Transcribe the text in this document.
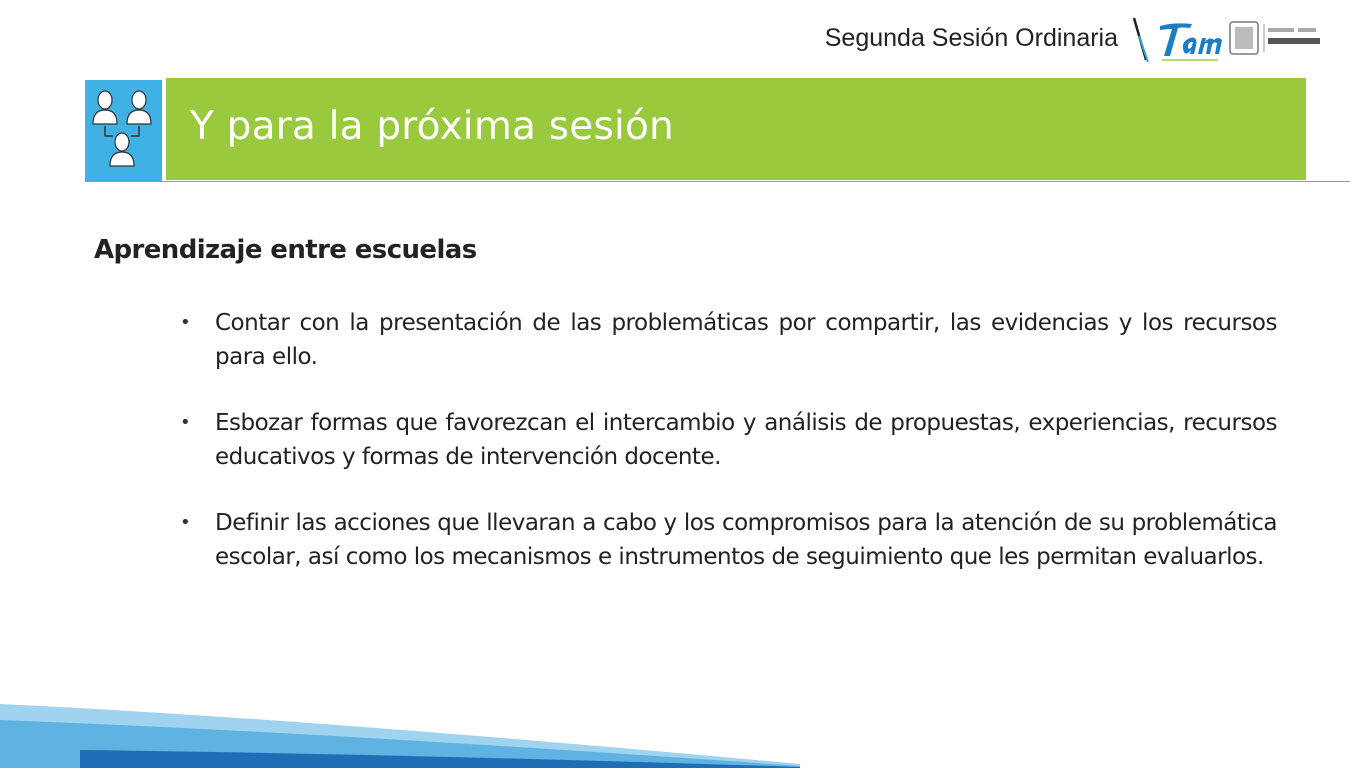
Segunda Sesión Ordinaria
Y para la próxima sesión
Aprendizaje entre escuelas
• Contar con la presentación de las problemáticas por compartir, las evidencias y los recursos para ello.
• Esbozar formas que favorezcan el intercambio y análisis de propuestas, experiencias, recursos educativos y formas de intervención docente.
• Definir las acciones que llevaran a cabo y los compromisos para la atención de su problemática escolar, así como los mecanismos e instrumentos de seguimiento que les permitan evaluarlos.
